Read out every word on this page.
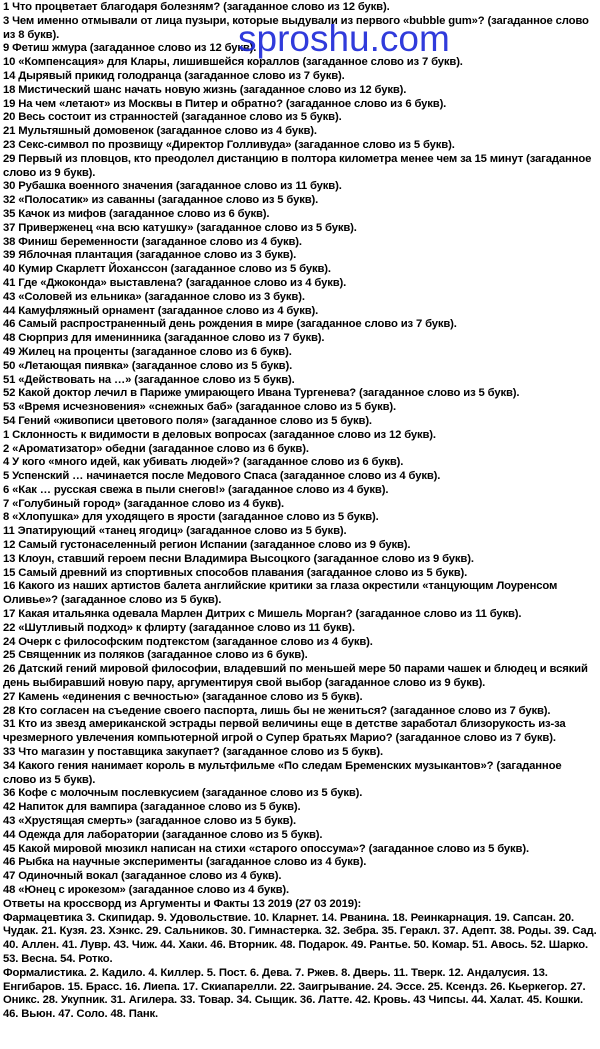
1 Что процветает благодаря болезням? (загаданное слово из 12 букв).
3 Чем именно отмывали от лица пузыри, которые выдували из первого «bubble gum»? (загаданное слово из 8 букв).
9 Фетиш жмура (загаданное слово из 12 букв).
10 «Компенсация» для Клары, лишившейся кораллов (загаданное слово из 7 букв).
14 Дырявый прикид голодранца (загаданное слово из 7 букв).
18 Мистический шанс начать новую жизнь (загаданное слово из 12 букв).
19 На чем «летают» из Москвы в Питер и обратно? (загаданное слово из 6 букв).
20 Весь состоит из странностей (загаданное слово из 5 букв).
21 Мультяшный домовенок (загаданное слово из 4 букв).
23 Секс-символ по прозвищу «Директор Голливуда» (загаданное слово из 5 букв).
29 Первый из пловцов, кто преодолел дистанцию в полтора километра менее чем за 15 минут (загаданное слово из 9 букв).
30 Рубашка военного значения (загаданное слово из 11 букв).
32 «Полосатик» из саванны (загаданное слово из 5 букв).
35 Качок из мифов (загаданное слово из 6 букв).
37 Приверженец «на всю катушку» (загаданное слово из 5 букв).
38 Финиш беременности (загаданное слово из 4 букв).
39 Яблочная плантация (загаданное слово из 3 букв).
40 Кумир Скарлетт Йоханссон (загаданное слово из 5 букв).
41 Где «Джоконда» выставлена? (загаданное слово из 4 букв).
43 «Соловей из ельника» (загаданное слово из 3 букв).
44 Камуфляжный орнамент (загаданное слово из 4 букв).
46 Самый распространенный день рождения в мире (загаданное слово из 7 букв).
48 Сюрприз для именинника (загаданное слово из 7 букв).
49 Жилец на проценты (загаданное слово из 6 букв).
50 «Летающая пиявка» (загаданное слово из 5 букв).
51 «Действовать на …» (загаданное слово из 5 букв).
52 Какой доктор лечил в Париже умирающего Ивана Тургенева? (загаданное слово из 5 букв).
53 «Время исчезновения» «снежных баб» (загаданное слово из 5 букв).
54 Гений «живописи цветового поля» (загаданное слово из 5 букв).
1 Склонность к видимости в деловых вопросах (загаданное слово из 12 букв).
2 «Ароматизатор» обедни (загаданное слово из 6 букв).
4 У кого «много идей, как убивать людей»? (загаданное слово из 6 букв).
5 Успенский … начинается после Медового Спаса (загаданное слово из 4 букв).
6 «Как … русская свежа в пыли снегов!» (загаданное слово из 4 букв).
7 «Голубиный город» (загаданное слово из 4 букв).
8 «Хлопушка» для уходящего в ярости (загаданное слово из 5 букв).
11 Эпатирующий «танец ягодиц» (загаданное слово из 5 букв).
12 Самый густонаселенный регион Испании (загаданное слово из 9 букв).
13 Клоун, ставший героем песни Владимира Высоцкого (загаданное слово из 9 букв).
15 Самый древний из спортивных способов плавания (загаданное слово из 5 букв).
16 Какого из наших артистов балета английские критики за глаза окрестили «танцующим Лоуренсом Оливье»? (загаданное слово из 5 букв).
17 Какая итальянка одевала Марлен Дитрих с Мишель Морган? (загаданное слово из 11 букв).
22 «Шутливый подход» к флирту (загаданное слово из 11 букв).
24 Очерк с философским подтекстом (загаданное слово из 4 букв).
25 Священник из поляков (загаданное слово из 6 букв).
26 Датский гений мировой философии, владевший по меньшей мере 50 парами чашек и блюдец и всякий день выбиравший новую пару, аргументируя свой выбор (загаданное слово из 9 букв).
27 Камень «единения с вечностью» (загаданное слово из 5 букв).
28 Кто согласен на съедение своего паспорта, лишь бы не жениться? (загаданное слово из 7 букв).
31 Кто из звезд американской эстрады первой величины еще в детстве заработал близорукость из-за чрезмерного увлечения компьютерной игрой о Супер братьях Марио? (загаданное слово из 7 букв).
33 Что магазин у поставщика закупает? (загаданное слово из 5 букв).
34 Какого гения нанимает король в мультфильме «По следам Бременских музыкантов»? (загаданное слово из 5 букв).
36 Кофе с молочным послевкусием (загаданное слово из 5 букв).
42 Напиток для вампира (загаданное слово из 5 букв).
43 «Хрустящая смерть» (загаданное слово из 5 букв).
44 Одежда для лаборатории (загаданное слово из 5 букв).
45 Какой мировой мюзикл написан на стихи «старого опоссума»? (загаданное слово из 5 букв).
46 Рыбка на научные эксперименты (загаданное слово из 4 букв).
47 Одиночный вокал (загаданное слово из 4 букв).
48 «Юнец с ирокезом» (загаданное слово из 4 букв).
Ответы на кроссворд из Аргументы и Факты 13 2019 (27 03 2019):
Фармацевтика 3. Скипидар. 9. Удовольствие. 10. Кларнет. 14. Рванина. 18. Реинкарнация. 19. Сапсан. 20. Чудак. 21. Кузя. 23. Хэнкс. 29. Сальников. 30. Гимнастерка. 32. Зебра. 35. Геракл. 37. Адепт. 38. Роды. 39. Сад. 40. Аллен. 41. Лувр. 43. Чиж. 44. Хаки. 46. Вторник. 48. Подарок. 49. Рантье. 50. Комар. 51. Авось. 52. Шарко. 53. Весна. 54. Ротко.
Формалистика. 2. Кадило. 4. Киллер. 5. Пост. 6. Дева. 7. Ржев. 8. Дверь. 11. Тверк. 12. Андалусия. 13. Енгибаров. 15. Брасс. 16. Лиепа. 17. Скиапарелли. 22. Заигрывание. 24. Эссе. 25. Ксендз. 26. Кьеркегор. 27. Оникс. 28. Укупник. 31. Агилера. 33. Товар. 34. Сыщик. 36. Латте. 42. Кровь. 43 Чипсы. 44. Халат. 45. Кошки. 46. Вьюн. 47. Соло. 48. Панк.
sproshu.com
